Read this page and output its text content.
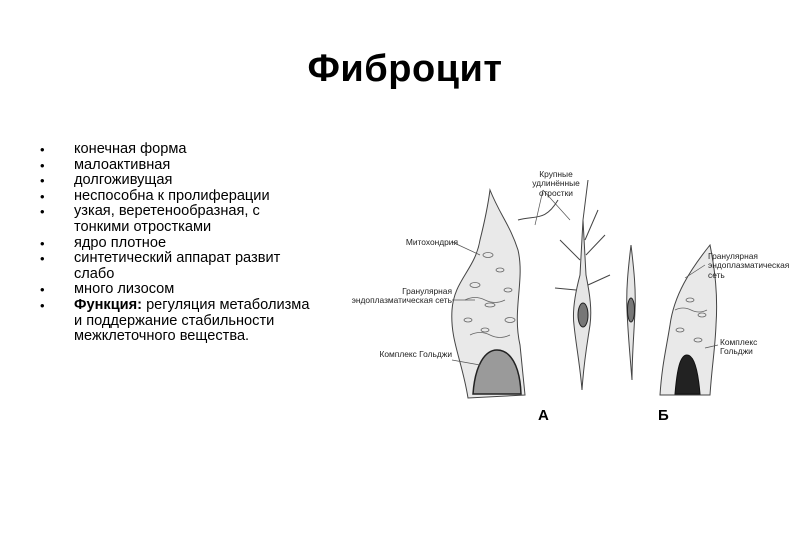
Фиброцит
• конечная форма
• малоактивная
• долгоживущая
• неспособна к пролиферации
• узкая, веретенообразная, с тонкими отростками
• ядро плотное
• синтетический аппарат развит слабо
• много лизосом
• Функция: регуляция метаболизма и поддержание стабильности межклеточного вещества.
Крупные удлинённые отростки
Митохондрия
Гранулярная эндоплазматическая сеть
Комплекс Гольджи
Гранулярная эндоплазматическая сеть
Комплекс Гольджи
А	Б
